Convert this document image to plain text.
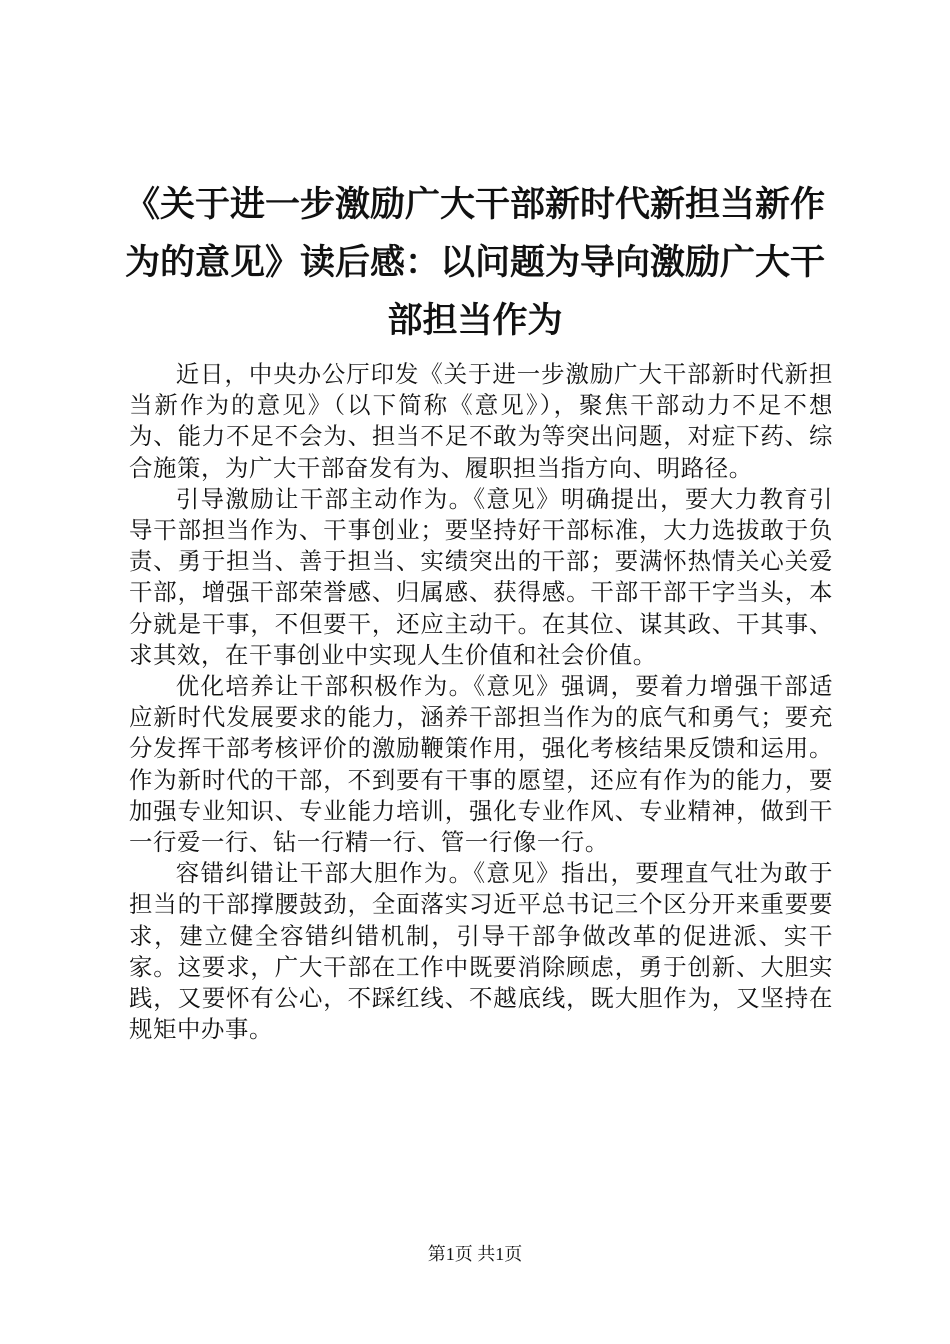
《关于进一步激励广大干部新时代新担当新作为的意见》读后感：以问题为导向激励广大干部担当作为

近日，中央办公厅印发《关于进一步激励广大干部新时代新担当新作为的意见》（以下简称《意见》），聚焦干部动力不足不想为、能力不足不会为、担当不足不敢为等突出问题，对症下药、综合施策，为广大干部奋发有为、履职担当指方向、明路径。

引导激励让干部主动作为。《意见》明确提出，要大力教育引导干部担当作为、干事创业；要坚持好干部标准，大力选拔敢于负责、勇于担当、善于担当、实绩突出的干部；要满怀热情关心关爱干部，增强干部荣誉感、归属感、获得感。干部干部干字当头，本分就是干事，不但要干，还应主动干。在其位、谋其政、干其事、求其效，在干事创业中实现人生价值和社会价值。

优化培养让干部积极作为。《意见》强调，要着力增强干部适应新时代发展要求的能力，涵养干部担当作为的底气和勇气；要充分发挥干部考核评价的激励鞭策作用，强化考核结果反馈和运用。作为新时代的干部，不到要有干事的愿望，还应有作为的能力，要加强专业知识、专业能力培训，强化专业作风、专业精神，做到干一行爱一行、钻一行精一行、管一行像一行。

容错纠错让干部大胆作为。《意见》指出，要理直气壮为敢于担当的干部撑腰鼓劲，全面落实习近平总书记三个区分开来重要要求，建立健全容错纠错机制，引导干部争做改革的促进派、实干家。这要求，广大干部在工作中既要消除顾虑，勇于创新、大胆实践，又要怀有公心，不踩红线、不越底线，既大胆作为，又坚持在规矩中办事。

第1页 共1页
